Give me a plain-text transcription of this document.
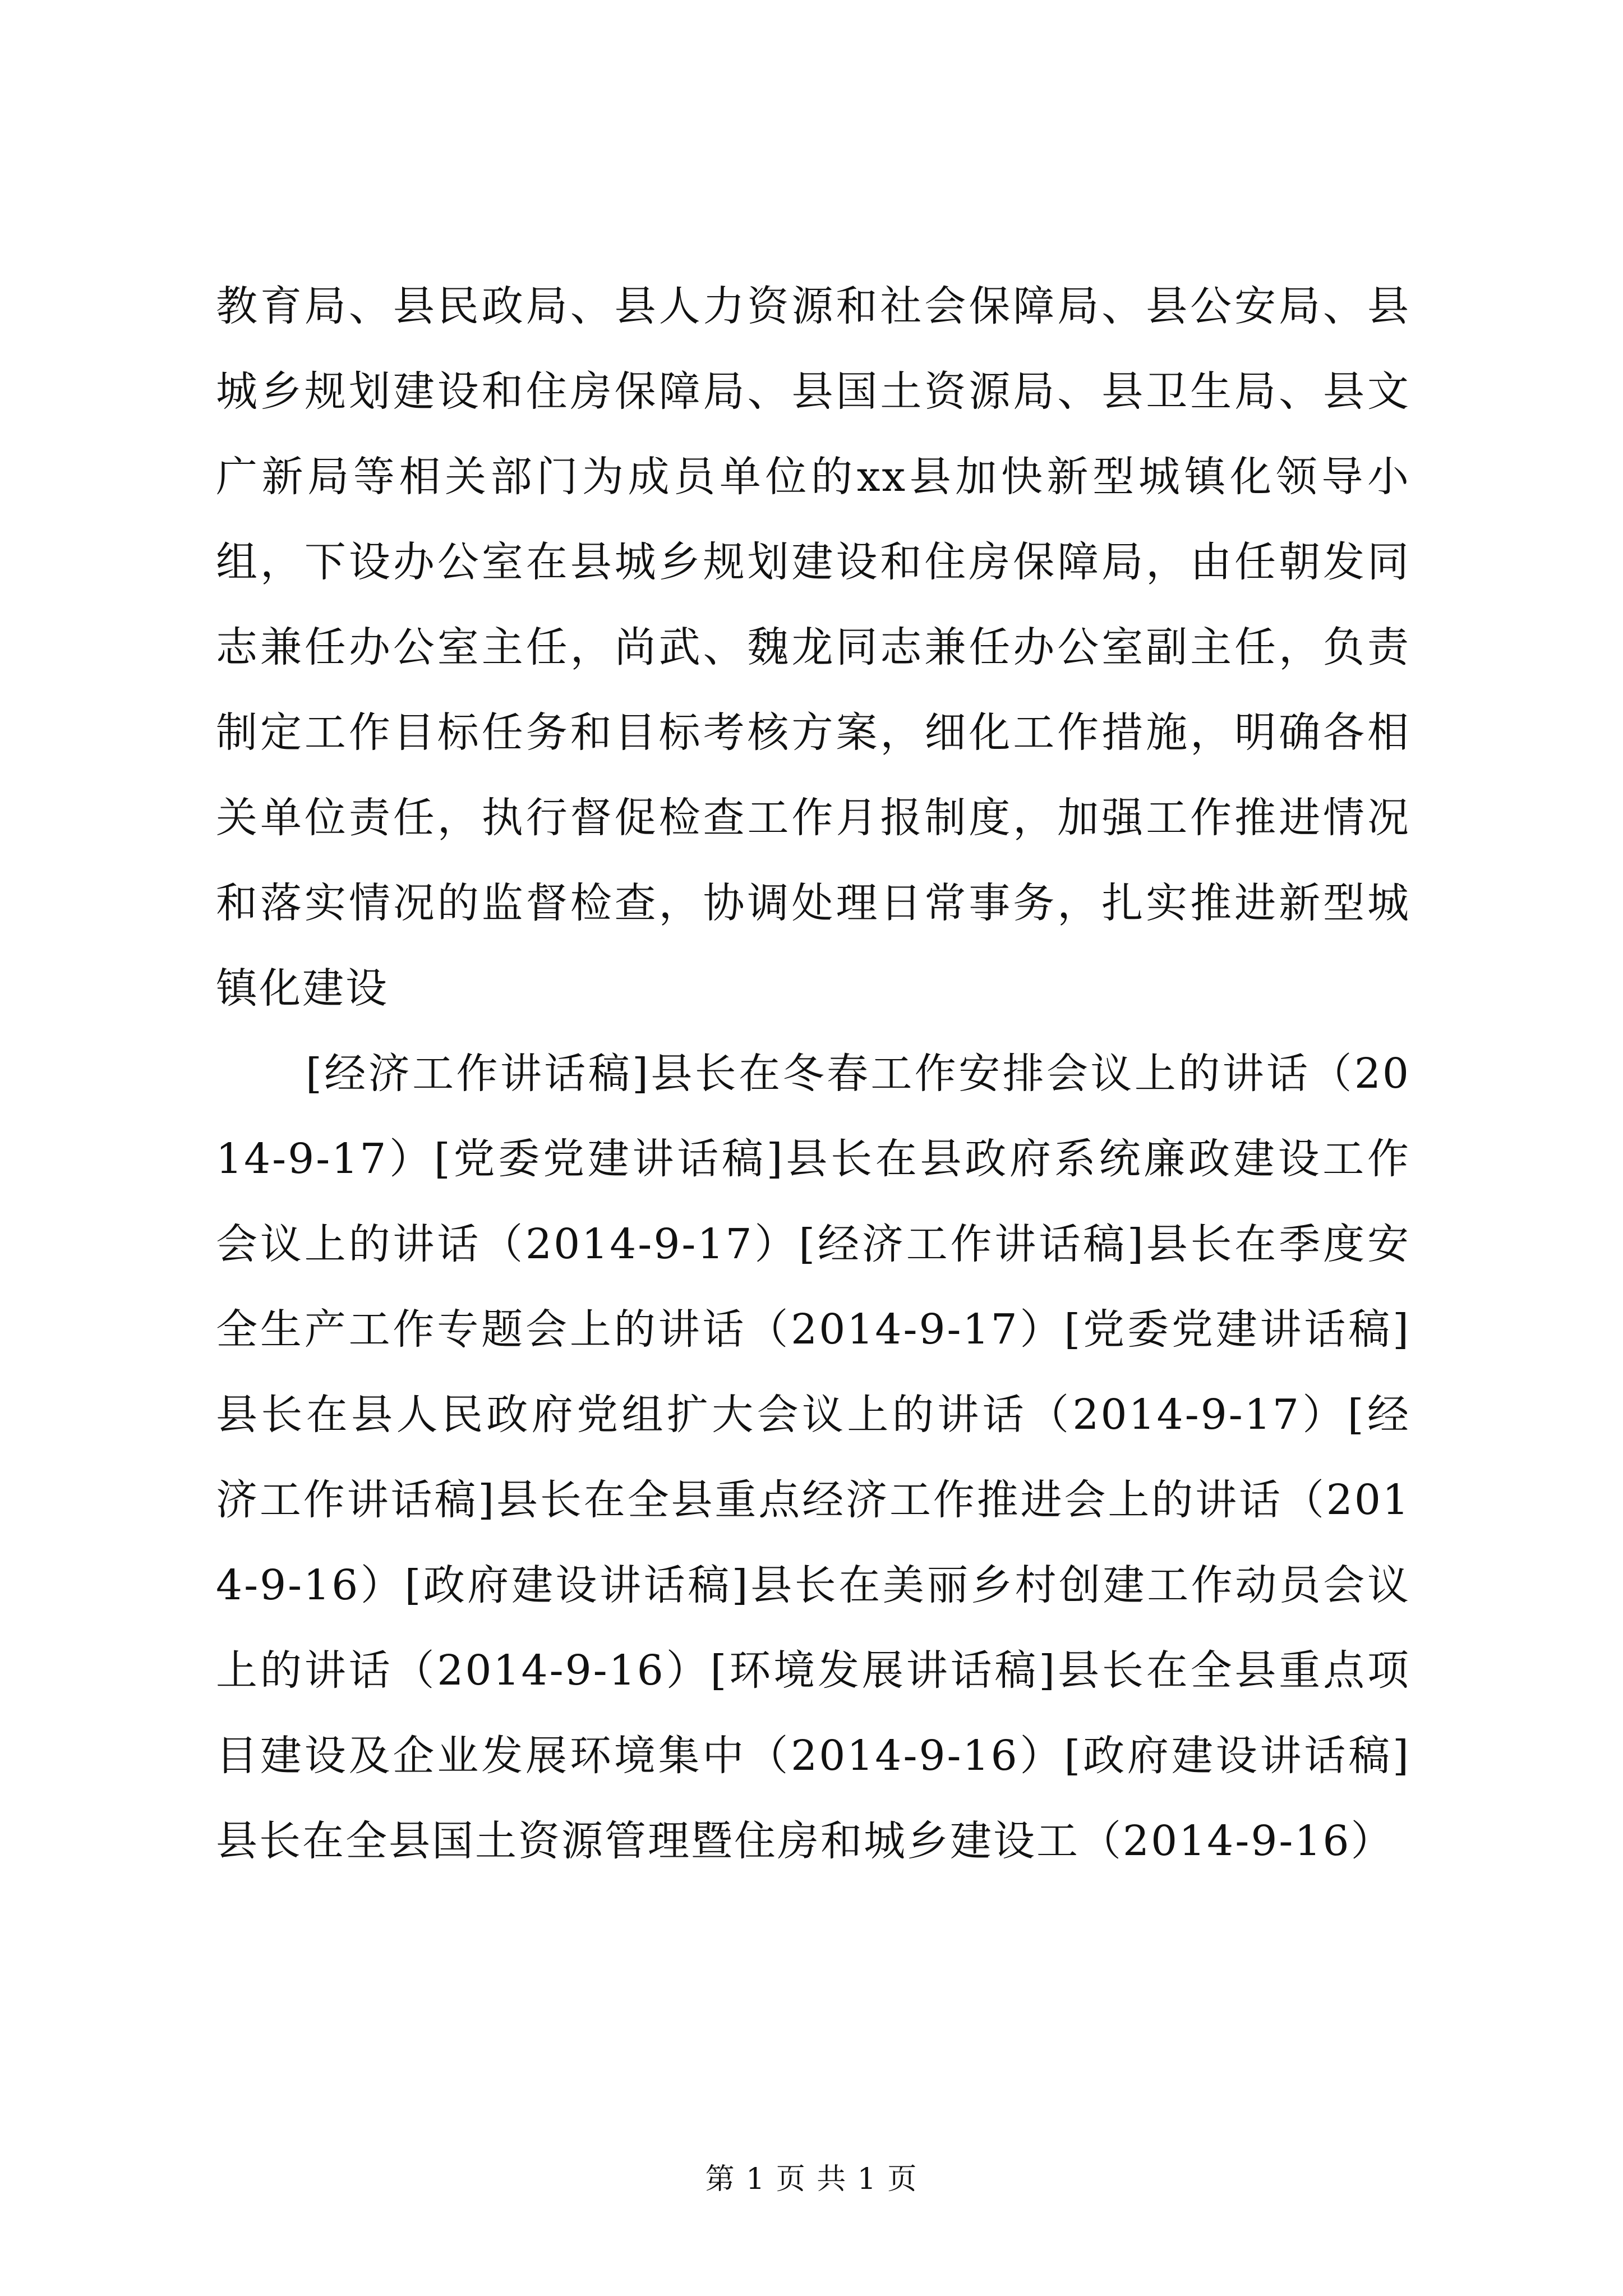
教育局、县民政局、县人力资源和社会保障局、县公安局、县城乡规划建设和住房保障局、县国土资源局、县卫生局、县文广新局等相关部门为成员单位的xx县加快新型城镇化领导小组，下设办公室在县城乡规划建设和住房保障局，由任朝发同志兼任办公室主任，尚武、魏龙同志兼任办公室副主任，负责制定工作目标任务和目标考核方案，细化工作措施，明确各相关单位责任，执行督促检查工作月报制度，加强工作推进情况和落实情况的监督检查，协调处理日常事务，扎实推进新型城镇化建设

[经济工作讲话稿]县长在冬春工作安排会议上的讲话（2014-9-17）[党委党建讲话稿]县长在县政府系统廉政建设工作会议上的讲话（2014-9-17）[经济工作讲话稿]县长在季度安全生产工作专题会上的讲话（2014-9-17）[党委党建讲话稿]县长在县人民政府党组扩大会议上的讲话（2014-9-17）[经济工作讲话稿]县长在全县重点经济工作推进会上的讲话（2014-9-16）[政府建设讲话稿]县长在美丽乡村创建工作动员会议上的讲话（2014-9-16）[环境发展讲话稿]县长在全县重点项目建设及企业发展环境集中（2014-9-16）[政府建设讲话稿]县长在全县国土资源管理暨住房和城乡建设工（2014-9-16）

第 1 页 共 1 页
